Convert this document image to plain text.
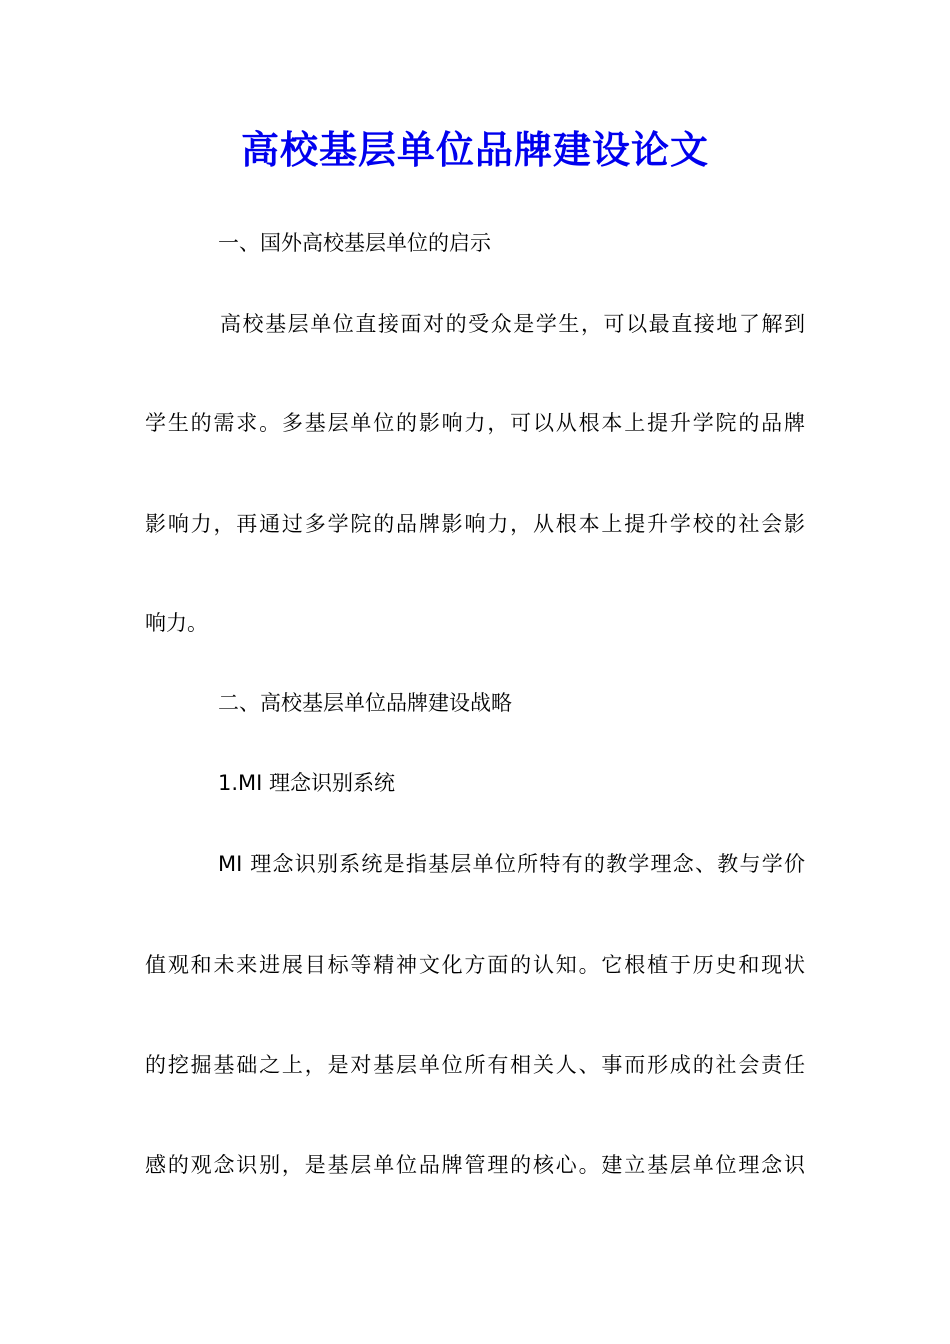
高校基层单位品牌建设论文
一、国外高校基层单位的启示
高校基层单位直接面对的受众是学生，可以最直接地了解到
学生的需求。多基层单位的影响力，可以从根本上提升学院的品牌
影响力，再通过多学院的品牌影响力，从根本上提升学校的社会影
响力。
二、高校基层单位品牌建设战略
1.MI 理念识别系统
MI 理念识别系统是指基层单位所特有的教学理念、教与学价
值观和未来进展目标等精神文化方面的认知。它根植于历史和现状
的挖掘基础之上，是对基层单位所有相关人、事而形成的社会责任
感的观念识别，是基层单位品牌管理的核心。建立基层单位理念识
